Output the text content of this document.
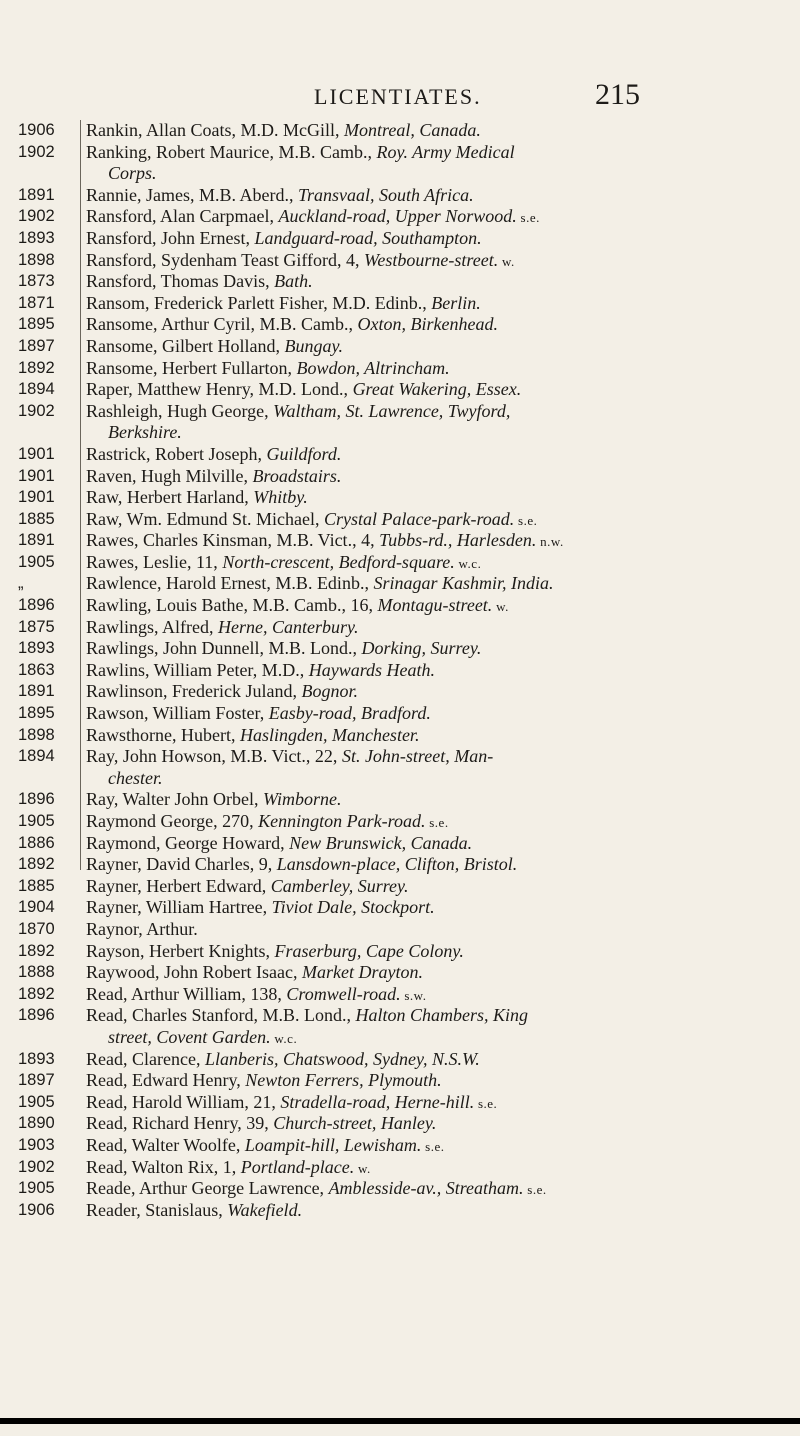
LICENTIATES.	215
1906	Rankin, Allan Coats, M.D. McGill, Montreal, Canada.
1902	Ranking, Robert Maurice, M.B. Camb., Roy. Army Medical
Corps.
1891	Rannie, James, M.B. Aberd., Transvaal, South Africa.
1902	Ransford, Alan Carpmael, Auckland-road, Upper Norwood. s.e.
1893	Ransford, John Ernest, Landguard-road, Southampton.
1898	Ransford, Sydenham Teast Gifford, 4, Westbourne-street. w.
1873	Ransford, Thomas Davis, Bath.
1871	Ransom, Frederick Parlett Fisher, M.D. Edinb., Berlin.
1895	Ransome, Arthur Cyril, M.B. Camb., Oxton, Birkenhead.
1897	Ransome, Gilbert Holland, Bungay.
1892	Ransome, Herbert Fullarton, Bowdon, Altrincham.
1894	Raper, Matthew Henry, M.D. Lond., Great Wakering, Essex.
1902	Rashleigh, Hugh George, Waltham, St. Lawrence, Twyford,
Berkshire.
1901	Rastrick, Robert Joseph, Guildford.
1901	Raven, Hugh Milville, Broadstairs.
1901	Raw, Herbert Harland, Whitby.
1885	Raw, Wm. Edmund St. Michael, Crystal Palace-park-road. s.e.
1891	Rawes, Charles Kinsman, M.B. Vict., 4, Tubbs-rd., Harlesden. n.w.
1905	Rawes, Leslie, 11, North-crescent, Bedford-square. w.c.
„	Rawlence, Harold Ernest, M.B. Edinb., Srinagar Kashmir, India.
1896	Rawling, Louis Bathe, M.B. Camb., 16, Montagu-street. w.
1875	Rawlings, Alfred, Herne, Canterbury.
1893	Rawlings, John Dunnell, M.B. Lond., Dorking, Surrey.
1863	Rawlins, William Peter, M.D., Haywards Heath.
1891	Rawlinson, Frederick Juland, Bognor.
1895	Rawson, William Foster, Easby-road, Bradford.
1898	Rawsthorne, Hubert, Haslingden, Manchester.
1894	Ray, John Howson, M.B. Vict., 22, St. John-street, Man-
chester.
1896	Ray, Walter John Orbel, Wimborne.
1905	Raymond George, 270, Kennington Park-road. s.e.
1886	Raymond, George Howard, New Brunswick, Canada.
1892	Rayner, David Charles, 9, Lansdown-place, Clifton, Bristol.
1885	Rayner, Herbert Edward, Camberley, Surrey.
1904	Rayner, William Hartree, Tiviot Dale, Stockport.
1870	Raynor, Arthur.
1892	Rayson, Herbert Knights, Fraserburg, Cape Colony.
1888	Raywood, John Robert Isaac, Market Drayton.
1892	Read, Arthur William, 138, Cromwell-road. s.w.
1896	Read, Charles Stanford, M.B. Lond., Halton Chambers, King
street, Covent Garden. w.c.
1893	Read, Clarence, Llanberis, Chatswood, Sydney, N.S.W.
1897	Read, Edward Henry, Newton Ferrers, Plymouth.
1905	Read, Harold William, 21, Stradella-road, Herne-hill. s.e.
1890	Read, Richard Henry, 39, Church-street, Hanley.
1903	Read, Walter Woolfe, Loampit-hill, Lewisham. s.e.
1902	Read, Walton Rix, 1, Portland-place. w.
1905	Reade, Arthur George Lawrence, Amblesside-av., Streatham. s.e.
1906	Reader, Stanislaus, Wakefield.
